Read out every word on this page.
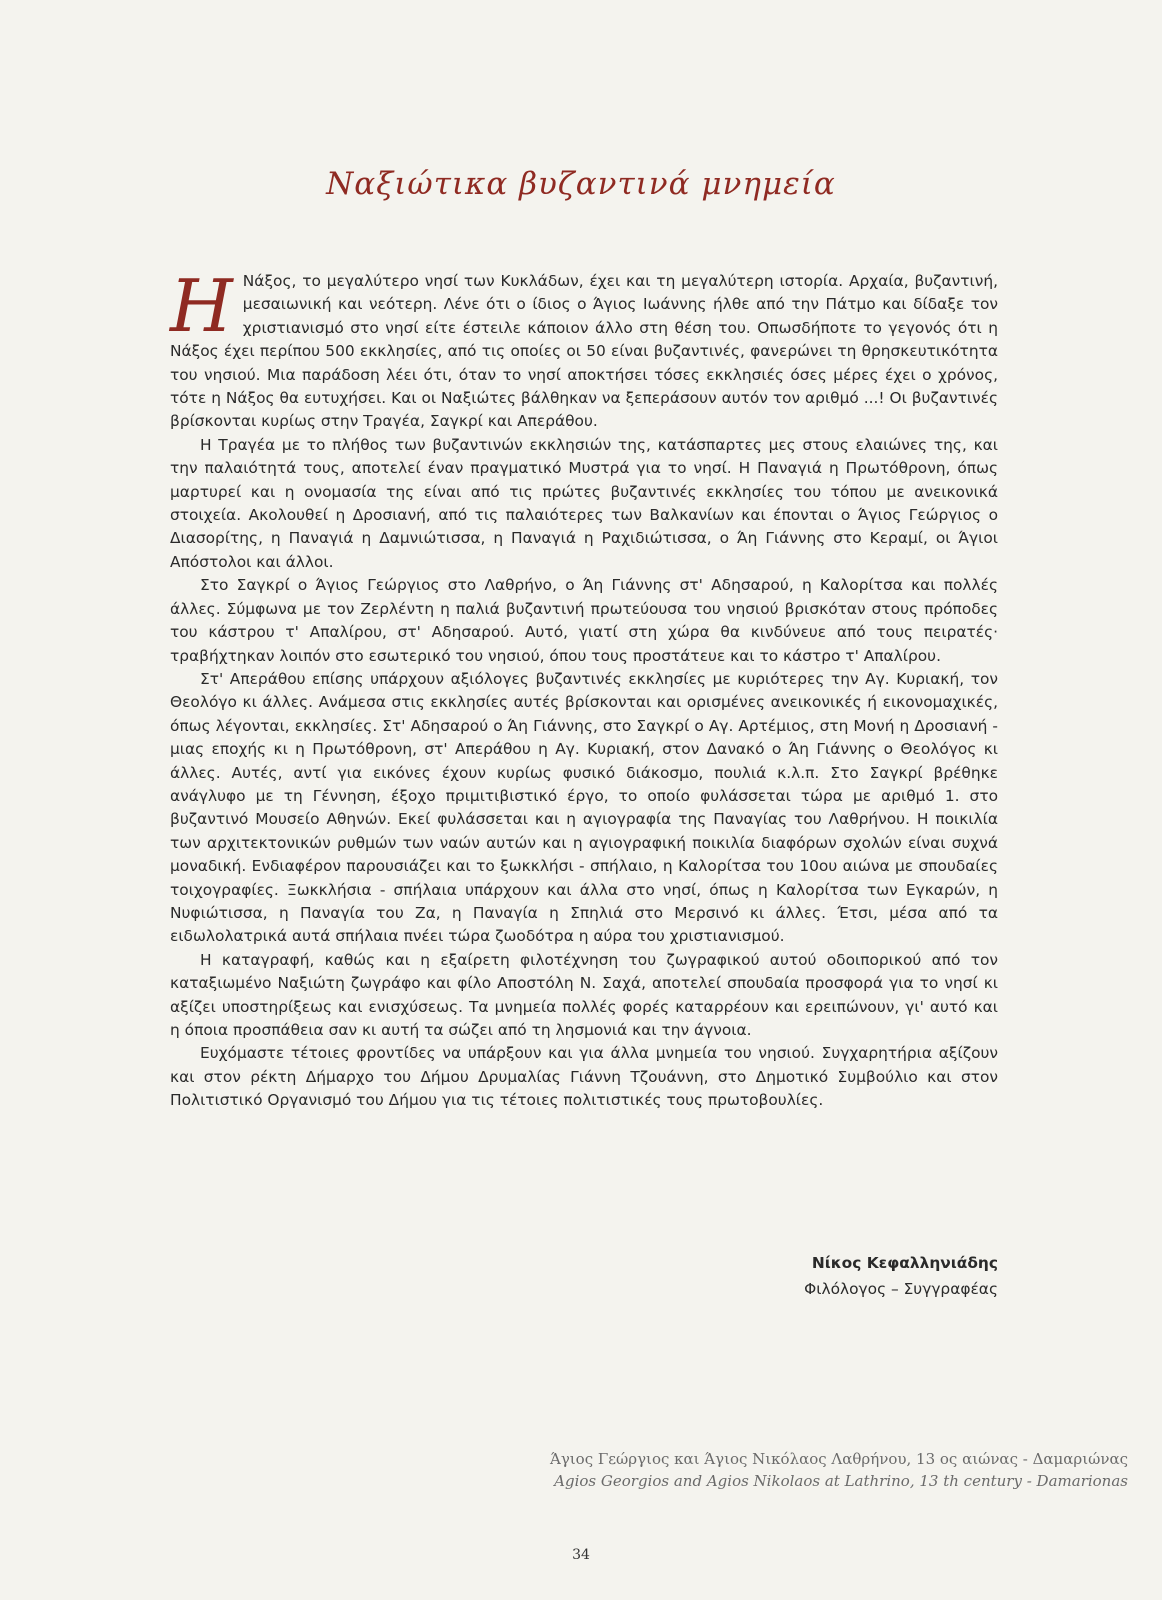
Ναξιώτικα βυζαντινά μνημεία

Η Νάξος, το μεγαλύτερο νησί των Κυκλάδων, έχει και τη μεγαλύτερη ιστορία. Αρχαία, βυζαντινή, μεσαιωνική και νεότερη. Λένε ότι ο ίδιος ο Άγιος Ιωάννης ήλθε από την Πάτμο και δίδαξε τον χριστιανισμό στο νησί είτε έστειλε κάποιον άλλο στη θέση του. Οπωσδήποτε το γεγονός ότι η Νάξος έχει περίπου 500 εκκλησίες, από τις οποίες οι 50 είναι βυζαντινές, φανερώνει τη θρησκευτικότητα του νησιού. Μια παράδοση λέει ότι, όταν το νησί αποκτήσει τόσες εκκλησιές όσες μέρες έχει ο χρόνος, τότε η Νάξος θα ευτυχήσει. Και οι Ναξιώτες βάλθηκαν να ξεπεράσουν αυτόν τον αριθμό ...! Οι βυζαντινές βρίσκονται κυρίως στην Τραγέα, Σαγκρί και Απεράθου.

Η Τραγέα με το πλήθος των βυζαντινών εκκλησιών της, κατάσπαρτες μες στους ελαιώνες της, και την παλαιότητά τους, αποτελεί έναν πραγματικό Μυστρά για το νησί. Η Παναγιά η Πρωτόθρονη, όπως μαρτυρεί και η ονομασία της είναι από τις πρώτες βυζαντινές εκκλησίες του τόπου με ανεικονικά στοιχεία. Ακολουθεί η Δροσιανή, από τις παλαιότερες των Βαλκανίων και έπονται ο Άγιος Γεώργιος ο Διασορίτης, η Παναγιά η Δαμνιώτισσα, η Παναγιά η Ραχιδιώτισσα, ο Άη Γιάννης στο Κεραμί, οι Άγιοι Απόστολοι και άλλοι.

Στο Σαγκρί ο Άγιος Γεώργιος στο Λαθρήνο, ο Άη Γιάννης στ' Αδησαρού, η Καλορίτσα και πολλές άλλες. Σύμφωνα με τον Ζερλέντη η παλιά βυζαντινή πρωτεύουσα του νησιού βρισκόταν στους πρόποδες του κάστρου τ' Απαλίρου, στ' Αδησαρού. Αυτό, γιατί στη χώρα θα κινδύνευε από τους πειρατές· τραβήχτηκαν λοιπόν στο εσωτερικό του νησιού, όπου τους προστάτευε και το κάστρο τ' Απαλίρου.

Στ' Απεράθου επίσης υπάρχουν αξιόλογες βυζαντινές εκκλησίες με κυριότερες την Αγ. Κυριακή, τον Θεολόγο κι άλλες. Ανάμεσα στις εκκλησίες αυτές βρίσκονται και ορισμένες ανεικονικές ή εικονομαχικές, όπως λέγονται, εκκλησίες. Στ' Αδησαρού ο Άη Γιάννης, στο Σαγκρί ο Αγ. Αρτέμιος, στη Μονή η Δροσιανή - μιας εποχής κι η Πρωτόθρονη, στ' Απεράθου η Αγ. Κυριακή, στον Δανακό ο Άη Γιάννης ο Θεολόγος κι άλλες. Αυτές, αντί για εικόνες έχουν κυρίως φυσικό διάκοσμο, πουλιά κ.λ.π. Στο Σαγκρί βρέθηκε ανάγλυφο με τη Γέννηση, έξοχο πριμιτιβιστικό έργο, το οποίο φυλάσσεται τώρα με αριθμό 1. στο βυζαντινό Μουσείο Αθηνών. Εκεί φυλάσσεται και η αγιογραφία της Παναγίας του Λαθρήνου. Η ποικιλία των αρχιτεκτονικών ρυθμών των ναών αυτών και η αγιογραφική ποικιλία διαφόρων σχολών είναι συχνά μοναδική. Ενδιαφέρον παρουσιάζει και το ξωκκλήσι - σπήλαιο, η Καλορίτσα του 10ου αιώνα με σπουδαίες τοιχογραφίες. Ξωκκλήσια - σπήλαια υπάρχουν και άλλα στο νησί, όπως η Καλορίτσα των Εγκαρών, η Νυφιώτισσα, η Παναγία του Ζα, η Παναγία η Σπηλιά στο Μερσινό κι άλλες. Έτσι, μέσα από τα ειδωλολατρικά αυτά σπήλαια πνέει τώρα ζωοδότρα η αύρα του χριστιανισμού.

Η καταγραφή, καθώς και η εξαίρετη φιλοτέχνηση του ζωγραφικού αυτού οδοιπορικού από τον καταξιωμένο Ναξιώτη ζωγράφο και φίλο Αποστόλη Ν. Σαχά, αποτελεί σπουδαία προσφορά για το νησί κι αξίζει υποστηρίξεως και ενισχύσεως. Τα μνημεία πολλές φορές καταρρέουν και ερειπώνουν, γι' αυτό και η όποια προσπάθεια σαν κι αυτή τα σώζει από τη λησμονιά και την άγνοια.

Ευχόμαστε τέτοιες φροντίδες να υπάρξουν και για άλλα μνημεία του νησιού. Συγχαρητήρια αξίζουν και στον ρέκτη Δήμαρχο του Δήμου Δρυμαλίας Γιάννη Τζουάννη, στο Δημοτικό Συμβούλιο και στον Πολιτιστικό Οργανισμό του Δήμου για τις τέτοιες πολιτιστικές τους πρωτοβουλίες.

Νίκος Κεφαλληνιάδης
Φιλόλογος – Συγγραφέας
Άγιος Γεώργιος και Άγιος Νικόλαος Λαθρήνου, 13 ος αιώνας - Δαμαριώνας
Agios Georgios and Agios Nikolaos at Lathrino, 13 th century - Damarionas
34
